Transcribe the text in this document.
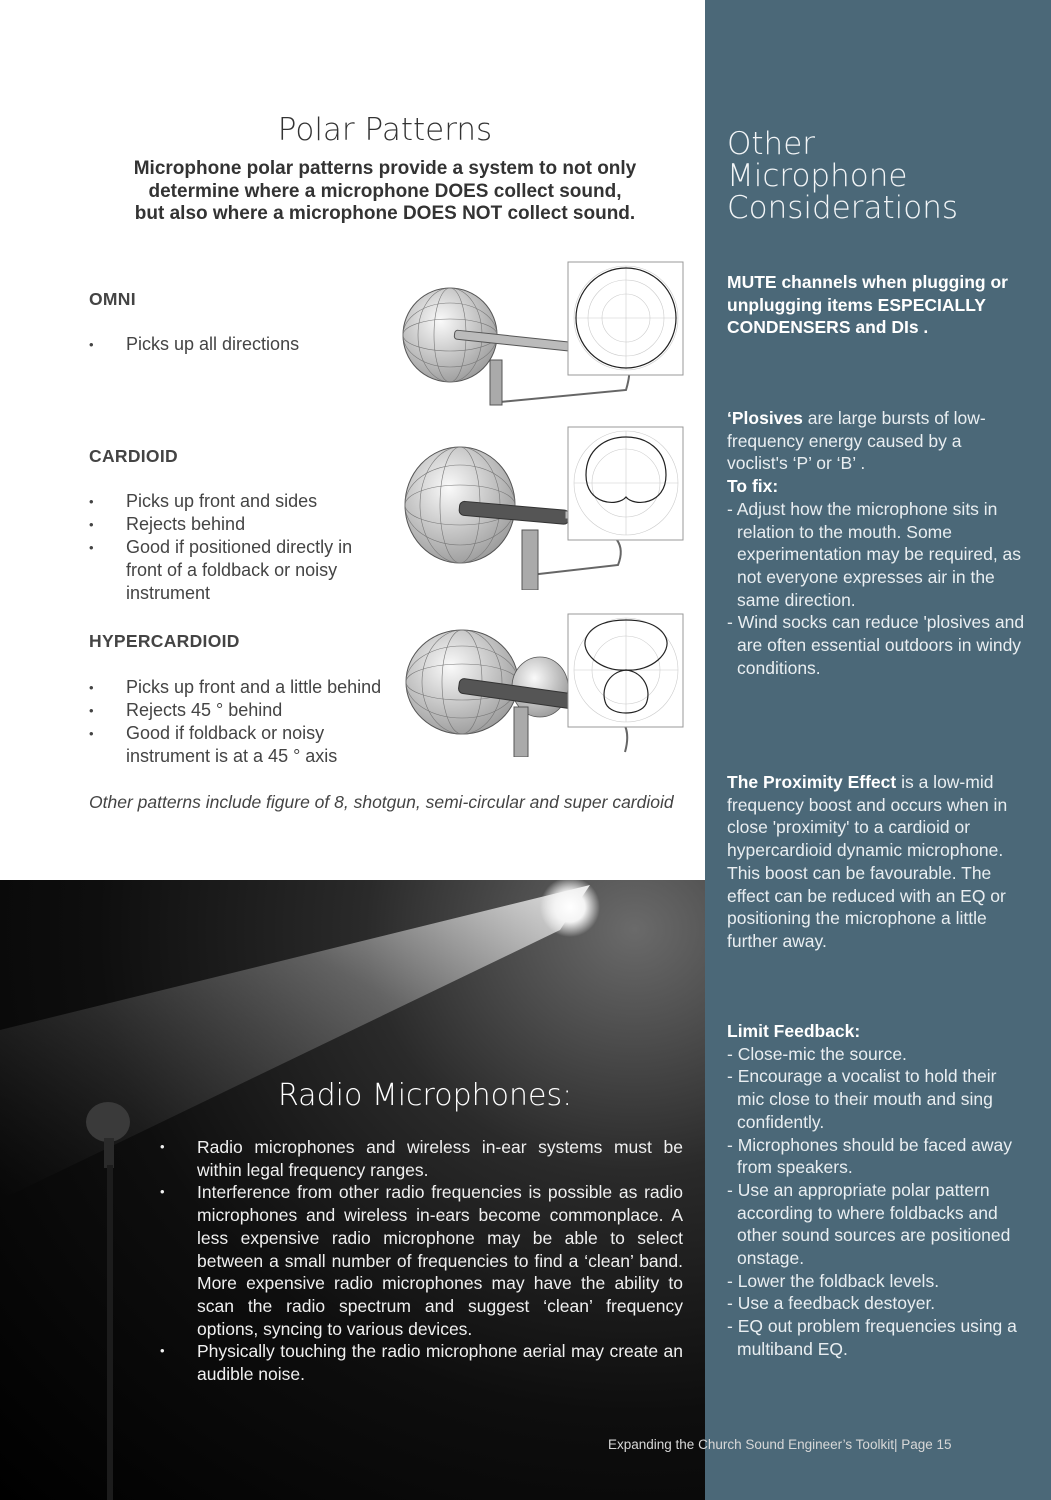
Other
Microphone
Considerations
MUTE channels when plugging or unplugging items ESPECIALLY CONDENSERS and DIs .
‘Plosives are large bursts of low-frequency energy caused by a voclist's ‘P’ or ‘B’ .
To fix:
- Adjust how the microphone sits in relation to the mouth. Some experimentation may be required, as not everyone expresses air in the same direction.
- Wind socks can reduce 'plosives and are often essential outdoors in windy conditions.
The Proximity Effect is a low-mid frequency boost and occurs when in close 'proximity' to a cardioid or hypercardioid dynamic microphone. This boost can be favourable. The effect can be reduced with an EQ or positioning the microphone a little further away.
Limit Feedback:
- Close-mic the source.
- Encourage a vocalist to hold their mic close to their mouth and sing confidently.
- Microphones should be faced away from speakers.
- Use an appropriate polar pattern according to where foldbacks and other sound sources are positioned onstage.
- Lower the foldback levels.
- Use a feedback destoyer.
- EQ out problem frequencies using a multiband EQ.
Polar Patterns
Microphone polar patterns provide a system to not only
determine where a microphone DOES collect sound,
but also where a microphone DOES NOT collect sound.
OMNI
• Picks up all directions
CARDIOID
• Picks up front and sides
• Rejects behind
• Good if positioned directly in front of a foldback or noisy instrument
HYPERCARDIOID
• Picks up front and a little behind
• Rejects 45 ° behind
• Good if foldback or noisy instrument is at a 45 ° axis
Other patterns include figure of 8, shotgun, semi-circular and super cardioid
Radio Microphones:
• Radio microphones and wireless in-ear systems must be within legal frequency ranges.
• Interference from other radio frequencies is possible as radio microphones and wireless in-ears become commonplace. A less expensive radio microphone may be able to select between a small number of frequencies to find a ‘clean’ band. More expensive radio microphones may have the ability to scan the radio spectrum and suggest ‘clean’ frequency options, syncing to various devices.
• Physically touching the radio microphone aerial may create an audible noise.
Expanding the Church Sound Engineer’s Toolkit| Page 15
